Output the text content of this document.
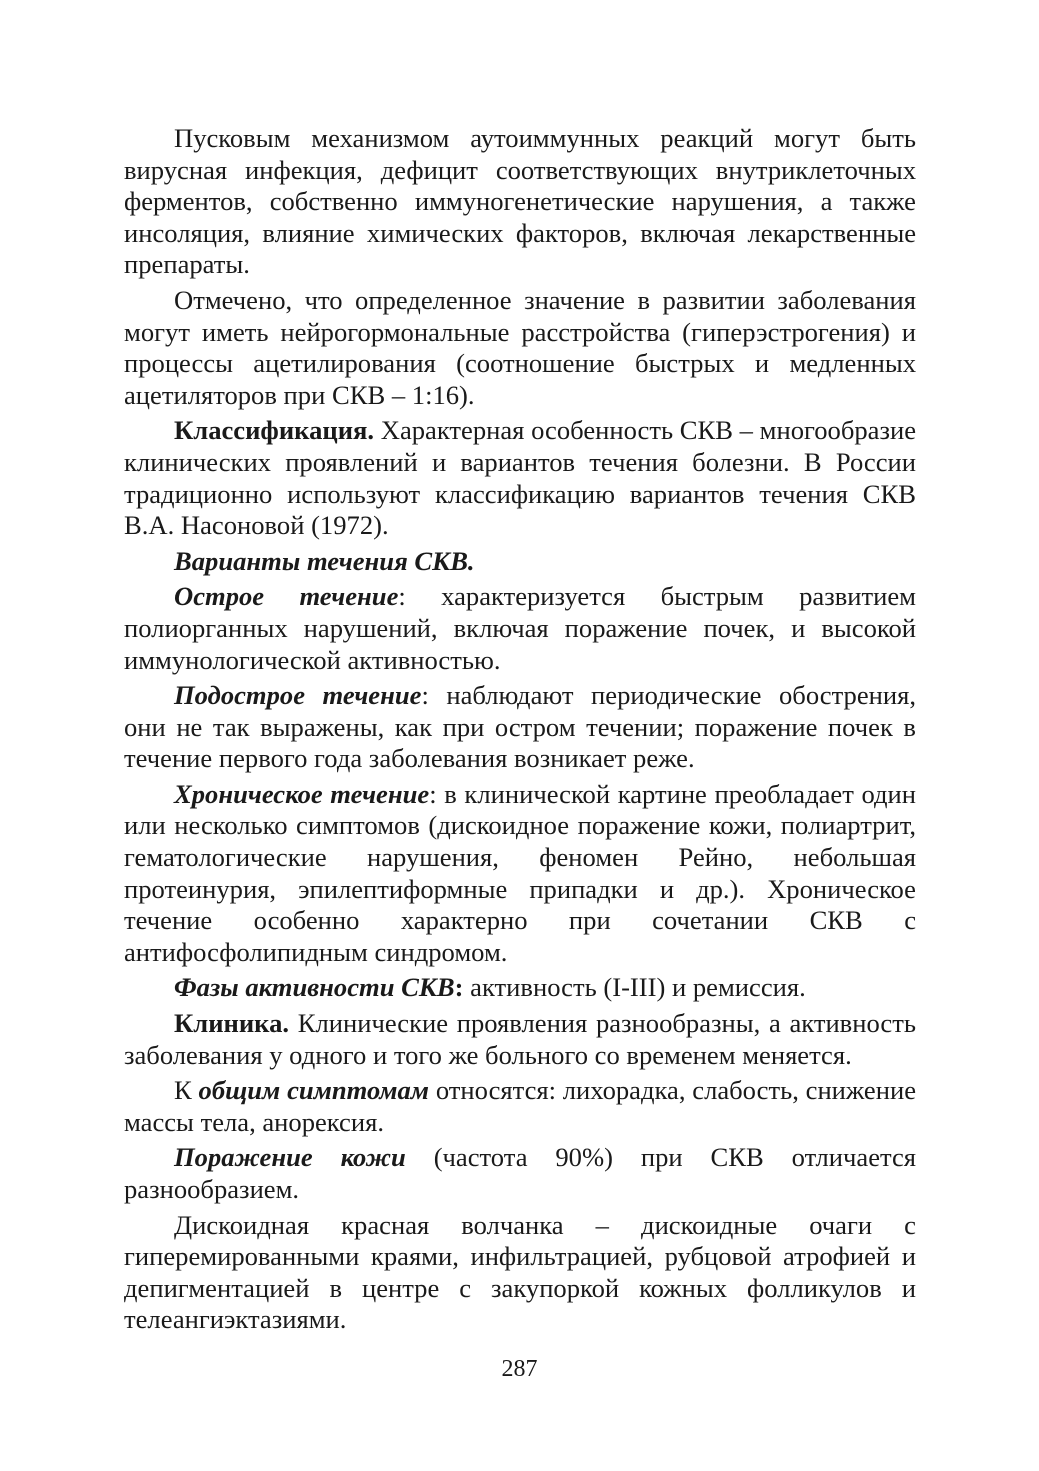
Пусковым механизмом аутоиммунных реакций могут быть вирусная инфекция, дефицит соответствующих внутриклеточных ферментов, собственно иммуногенетические нарушения, а также инсоляция, влияние химических факторов, включая лекарственные препараты.

Отмечено, что определенное значение в развитии заболевания могут иметь нейрогормональные расстройства (гиперэстрогения) и процессы ацетилирования (соотношение быстрых и медленных ацетиляторов при СКВ – 1:16).

Классификация. Характерная особенность СКВ – многообразие клинических проявлений и вариантов течения болезни. В России традиционно используют классификацию вариантов течения СКВ В.А. Насоновой (1972).

Варианты течения СКВ.

Острое течение: характеризуется быстрым развитием полиорганных нарушений, включая поражение почек, и высокой иммунологической активностью.

Подострое течение: наблюдают периодические обострения, они не так выражены, как при остром течении; поражение почек в течение первого года заболевания возникает реже.

Хроническое течение: в клинической картине преобладает один или несколько симптомов (дискоидное поражение кожи, полиартрит, гематологические нарушения, феномен Рейно, небольшая протеинурия, эпилептиформные припадки и др.). Хроническое течение особенно характерно при сочетании СКВ с антифосфолипидным синдромом.

Фазы активности СКВ: активность (I-III) и ремиссия.

Клиника. Клинические проявления разнообразны, а активность заболевания у одного и того же больного со временем меняется.

К общим симптомам относятся: лихорадка, слабость, снижение массы тела, анорексия.

Поражение кожи (частота 90%) при СКВ отличается разнообразием.

Дискоидная красная волчанка – дискоидные очаги с гиперемированными краями, инфильтрацией, рубцовой атрофией и депигментацией в центре с закупоркой кожных фолликулов и телеангиэктазиями.

287
